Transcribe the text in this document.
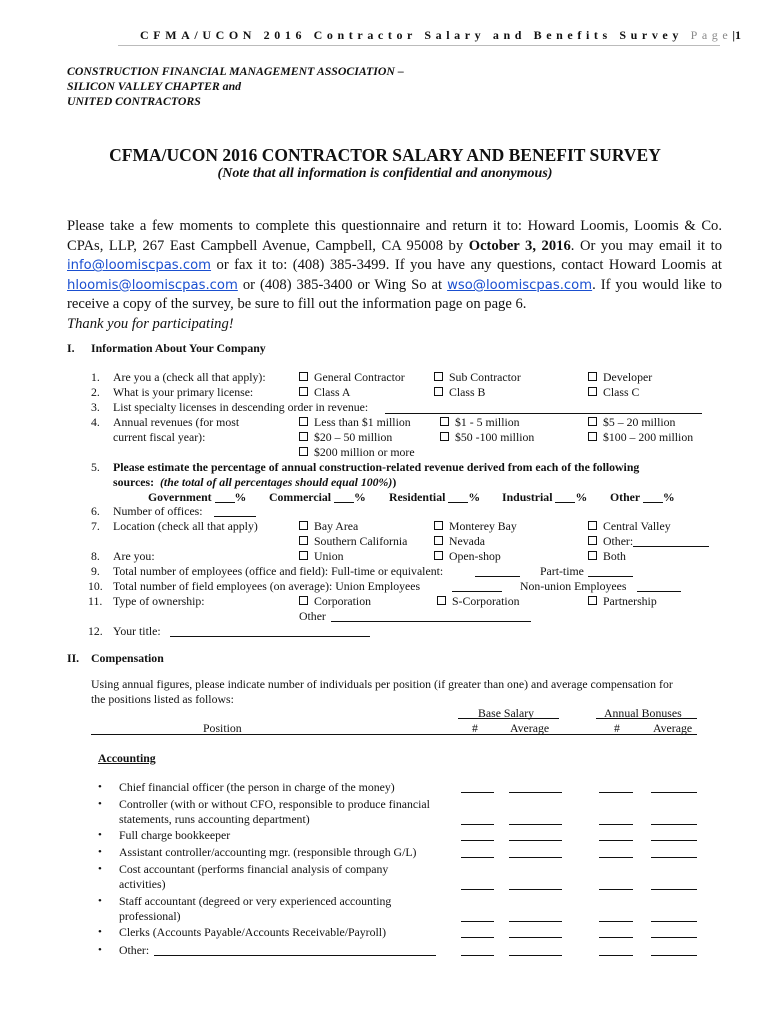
CFMA/UCON 2016 Contractor Salary and Benefits Survey Page|1
CONSTRUCTION FINANCIAL MANAGEMENT ASSOCIATION –
SILICON VALLEY CHAPTER and
UNITED CONTRACTORS
CFMA/UCON 2016 CONTRACTOR SALARY AND BENEFIT SURVEY
(Note that all information is confidential and anonymous)

Please take a few moments to complete this questionnaire and return it to: Howard Loomis, Loomis & Co. CPAs, LLP, 267 East Campbell Avenue, Campbell, CA 95008 by October 3, 2016. Or you may email it to info@loomiscpas.com or fax it to: (408) 385-3499. If you have any questions, contact Howard Loomis at hloomis@loomiscpas.com or (408) 385-3400 or Wing So at wso@loomiscpas.com. If you would like to receive a copy of the survey, be sure to fill out the information page on page 6.

Thank you for participating!

I. Information About Your Company
1. Are you a (check all that apply):	General Contractor	Sub Contractor	Developer
2. What is your primary license:	Class A	Class B	Class C
3. List specialty licenses in descending order in revenue:
4. Annual revenues (for most
current fiscal year):
Less than $1 million	$1 - 5 million	$5 – 20 million
$20 – 50 million	$50 -100 million	$100 – 200 million
$200 million or more
5. Please estimate the percentage of annual construction-related revenue derived from each of the following
sources: (the total of all percentages should equal 100%))
Government % Commercial % Residential % Industrial % Other %
6. Number of offices:
7. Location (check all that apply)	Bay Area	Monterey Bay	Central Valley
Southern California	Nevada	Other:
8. Are you:	Union	Open-shop	Both
9. Total number of employees (office and field): Full-time or equivalent:	Part-time
10. Total number of field employees (on average): Union Employees	Non-union Employees
11. Type of ownership:	Corporation	S-Corporation	Partnership
Other
12. Your title:
II. Compensation
Using annual figures, please indicate number of individuals per position (if greater than one) and average compensation for
the positions listed as follows:
Base Salary	Annual Bonuses
Position	#	Average	#	Average
Accounting
• Chief financial officer (the person in charge of the money)
• Controller (with or without CFO, responsible to produce financial
statements, runs accounting department)
• Full charge bookkeeper
• Assistant controller/accounting mgr. (responsible through G/L)
• Cost accountant (performs financial analysis of company
activities)
• Staff accountant (degreed or very experienced accounting
professional)
• Clerks (Accounts Payable/Accounts Receivable/Payroll)
• Other:
